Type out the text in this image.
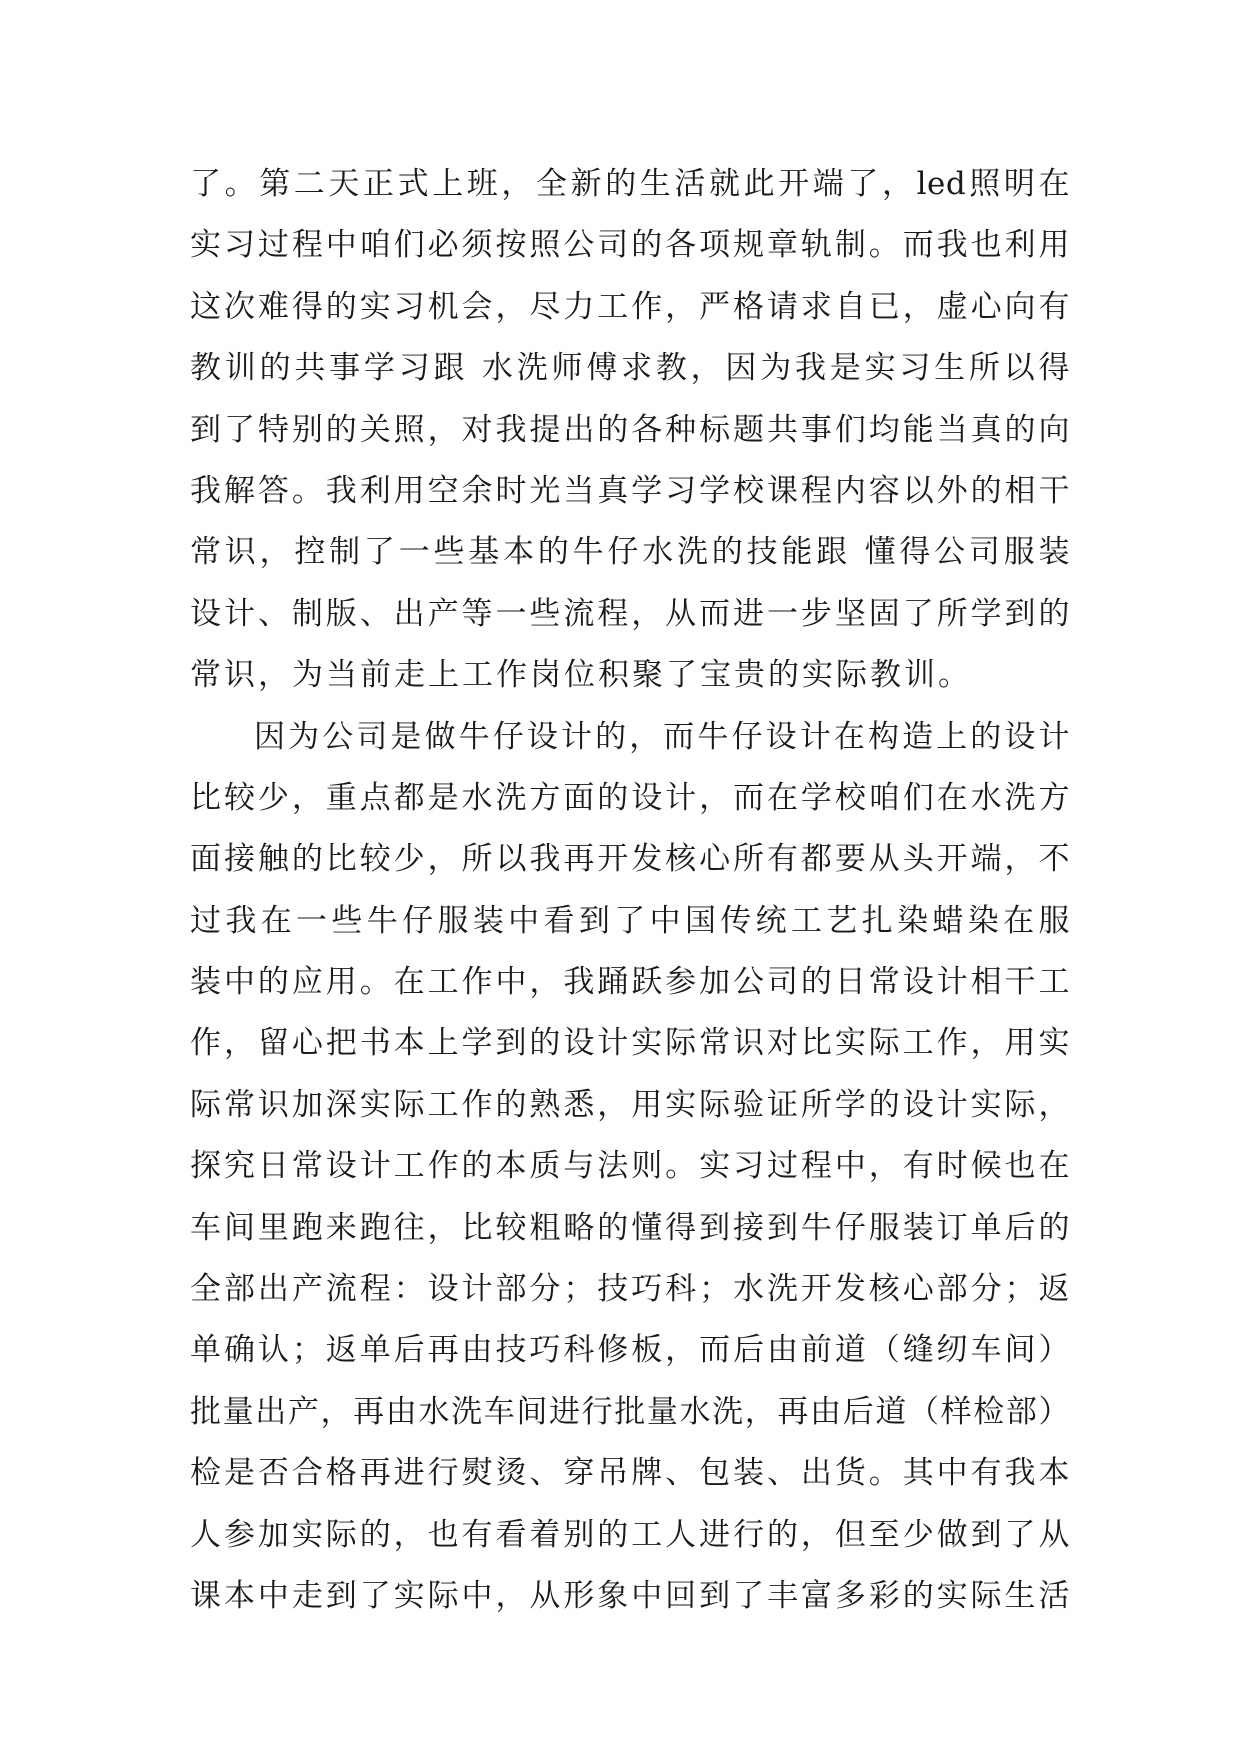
了。第二天正式上班，全新的生活就此开端了，led照明在
实习过程中咱们必须按照公司的各项规章轨制。而我也利用
这次难得的实习机会，尽力工作，严格请求自已，虚心向有
教训的共事学习跟 水洗师傅求教，因为我是实习生所以得
到了特别的关照，对我提出的各种标题共事们均能当真的向
我解答。我利用空余时光当真学习学校课程内容以外的相干
常识，控制了一些基本的牛仔水洗的技能跟 懂得公司服装
设计、制版、出产等一些流程，从而进一步坚固了所学到的
常识，为当前走上工作岗位积聚了宝贵的实际教训。
因为公司是做牛仔设计的，而牛仔设计在构造上的设计
比较少，重点都是水洗方面的设计，而在学校咱们在水洗方
面接触的比较少，所以我再开发核心所有都要从头开端，不
过我在一些牛仔服装中看到了中国传统工艺扎染蜡染在服
装中的应用。在工作中，我踊跃参加公司的日常设计相干工
作，留心把书本上学到的设计实际常识对比实际工作，用实
际常识加深实际工作的熟悉，用实际验证所学的设计实际，
探究日常设计工作的本质与法则。实习过程中，有时候也在
车间里跑来跑往，比较粗略的懂得到接到牛仔服装订单后的
全部出产流程：设计部分；技巧科；水洗开发核心部分；返
单确认；返单后再由技巧科修板，而后由前道（缝纫车间）
批量出产，再由水洗车间进行批量水洗，再由后道（样检部）
检是否合格再进行熨烫、穿吊牌、包装、出货。其中有我本
人参加实际的，也有看着别的工人进行的，但至少做到了从
课本中走到了实际中，从形象中回到了丰富多彩的实际生活
